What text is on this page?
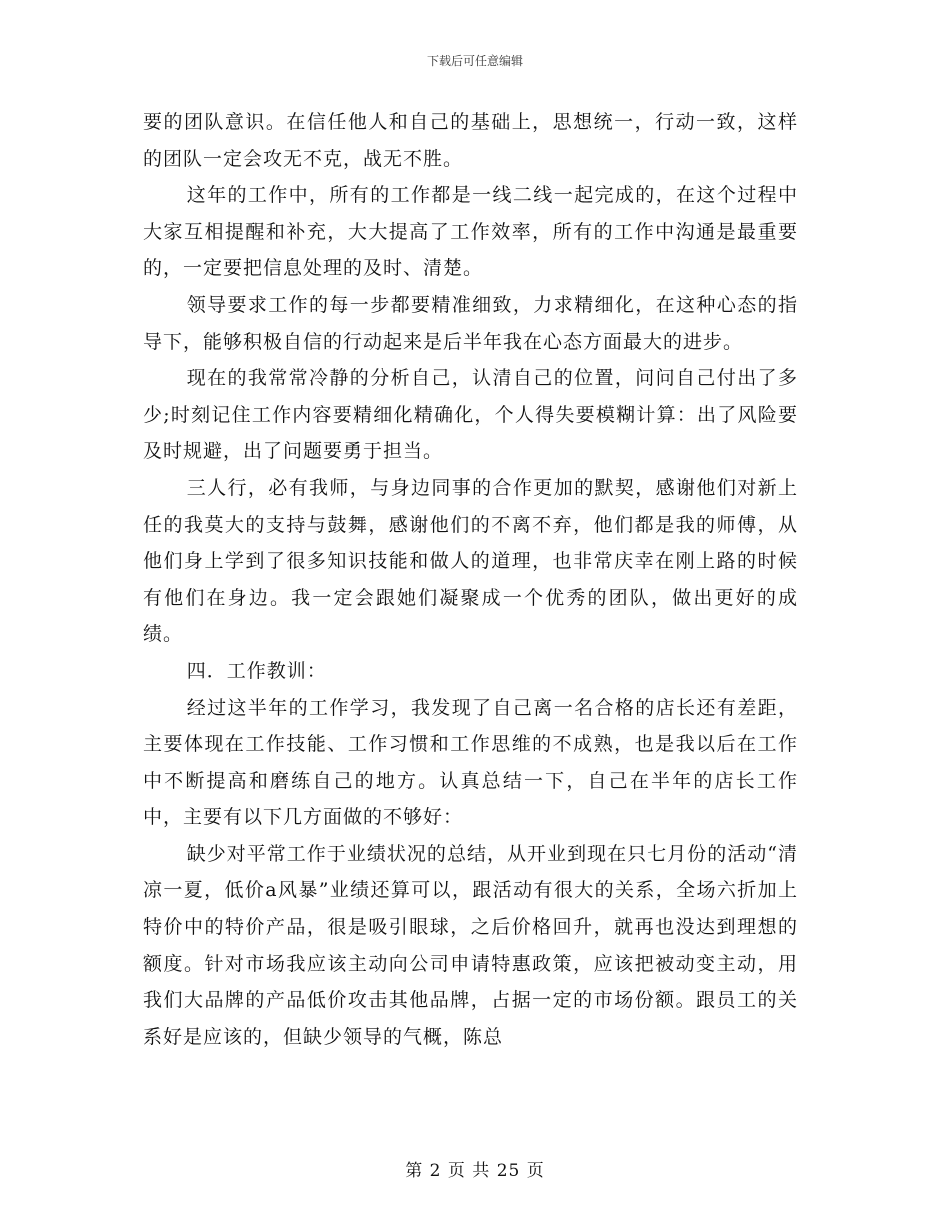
下载后可任意编辑

要的团队意识。在信任他人和自己的基础上，思想统一，行动一致，这样的团队一定会攻无不克，战无不胜。

这年的工作中，所有的工作都是一线二线一起完成的，在这个过程中大家互相提醒和补充，大大提高了工作效率，所有的工作中沟通是最重要的，一定要把信息处理的及时、清楚。

领导要求工作的每一步都要精准细致，力求精细化，在这种心态的指导下，能够积极自信的行动起来是后半年我在心态方面最大的进步。

现在的我常常冷静的分析自己，认清自己的位置，问问自己付出了多少;时刻记住工作内容要精细化精确化，个人得失要模糊计算：出了风险要及时规避，出了问题要勇于担当。

三人行，必有我师，与身边同事的合作更加的默契，感谢他们对新上任的我莫大的支持与鼓舞，感谢他们的不离不弃，他们都是我的师傅，从他们身上学到了很多知识技能和做人的道理，也非常庆幸在刚上路的时候有他们在身边。我一定会跟她们凝聚成一个优秀的团队，做出更好的成绩。

四．工作教训：

经过这半年的工作学习，我发现了自己离一名合格的店长还有差距，主要体现在工作技能、工作习惯和工作思维的不成熟，也是我以后在工作中不断提高和磨练自己的地方。认真总结一下，自己在半年的店长工作中，主要有以下几方面做的不够好：

缺少对平常工作于业绩状况的总结，从开业到现在只七月份的活动“清凉一夏，低价a风暴”业绩还算可以，跟活动有很大的关系，全场六折加上特价中的特价产品，很是吸引眼球，之后价格回升，就再也没达到理想的额度。针对市场我应该主动向公司申请特惠政策，应该把被动变主动，用我们大品牌的产品低价攻击其他品牌，占据一定的市场份额。跟员工的关系好是应该的，但缺少领导的气概，陈总

第 2 页 共 25 页
